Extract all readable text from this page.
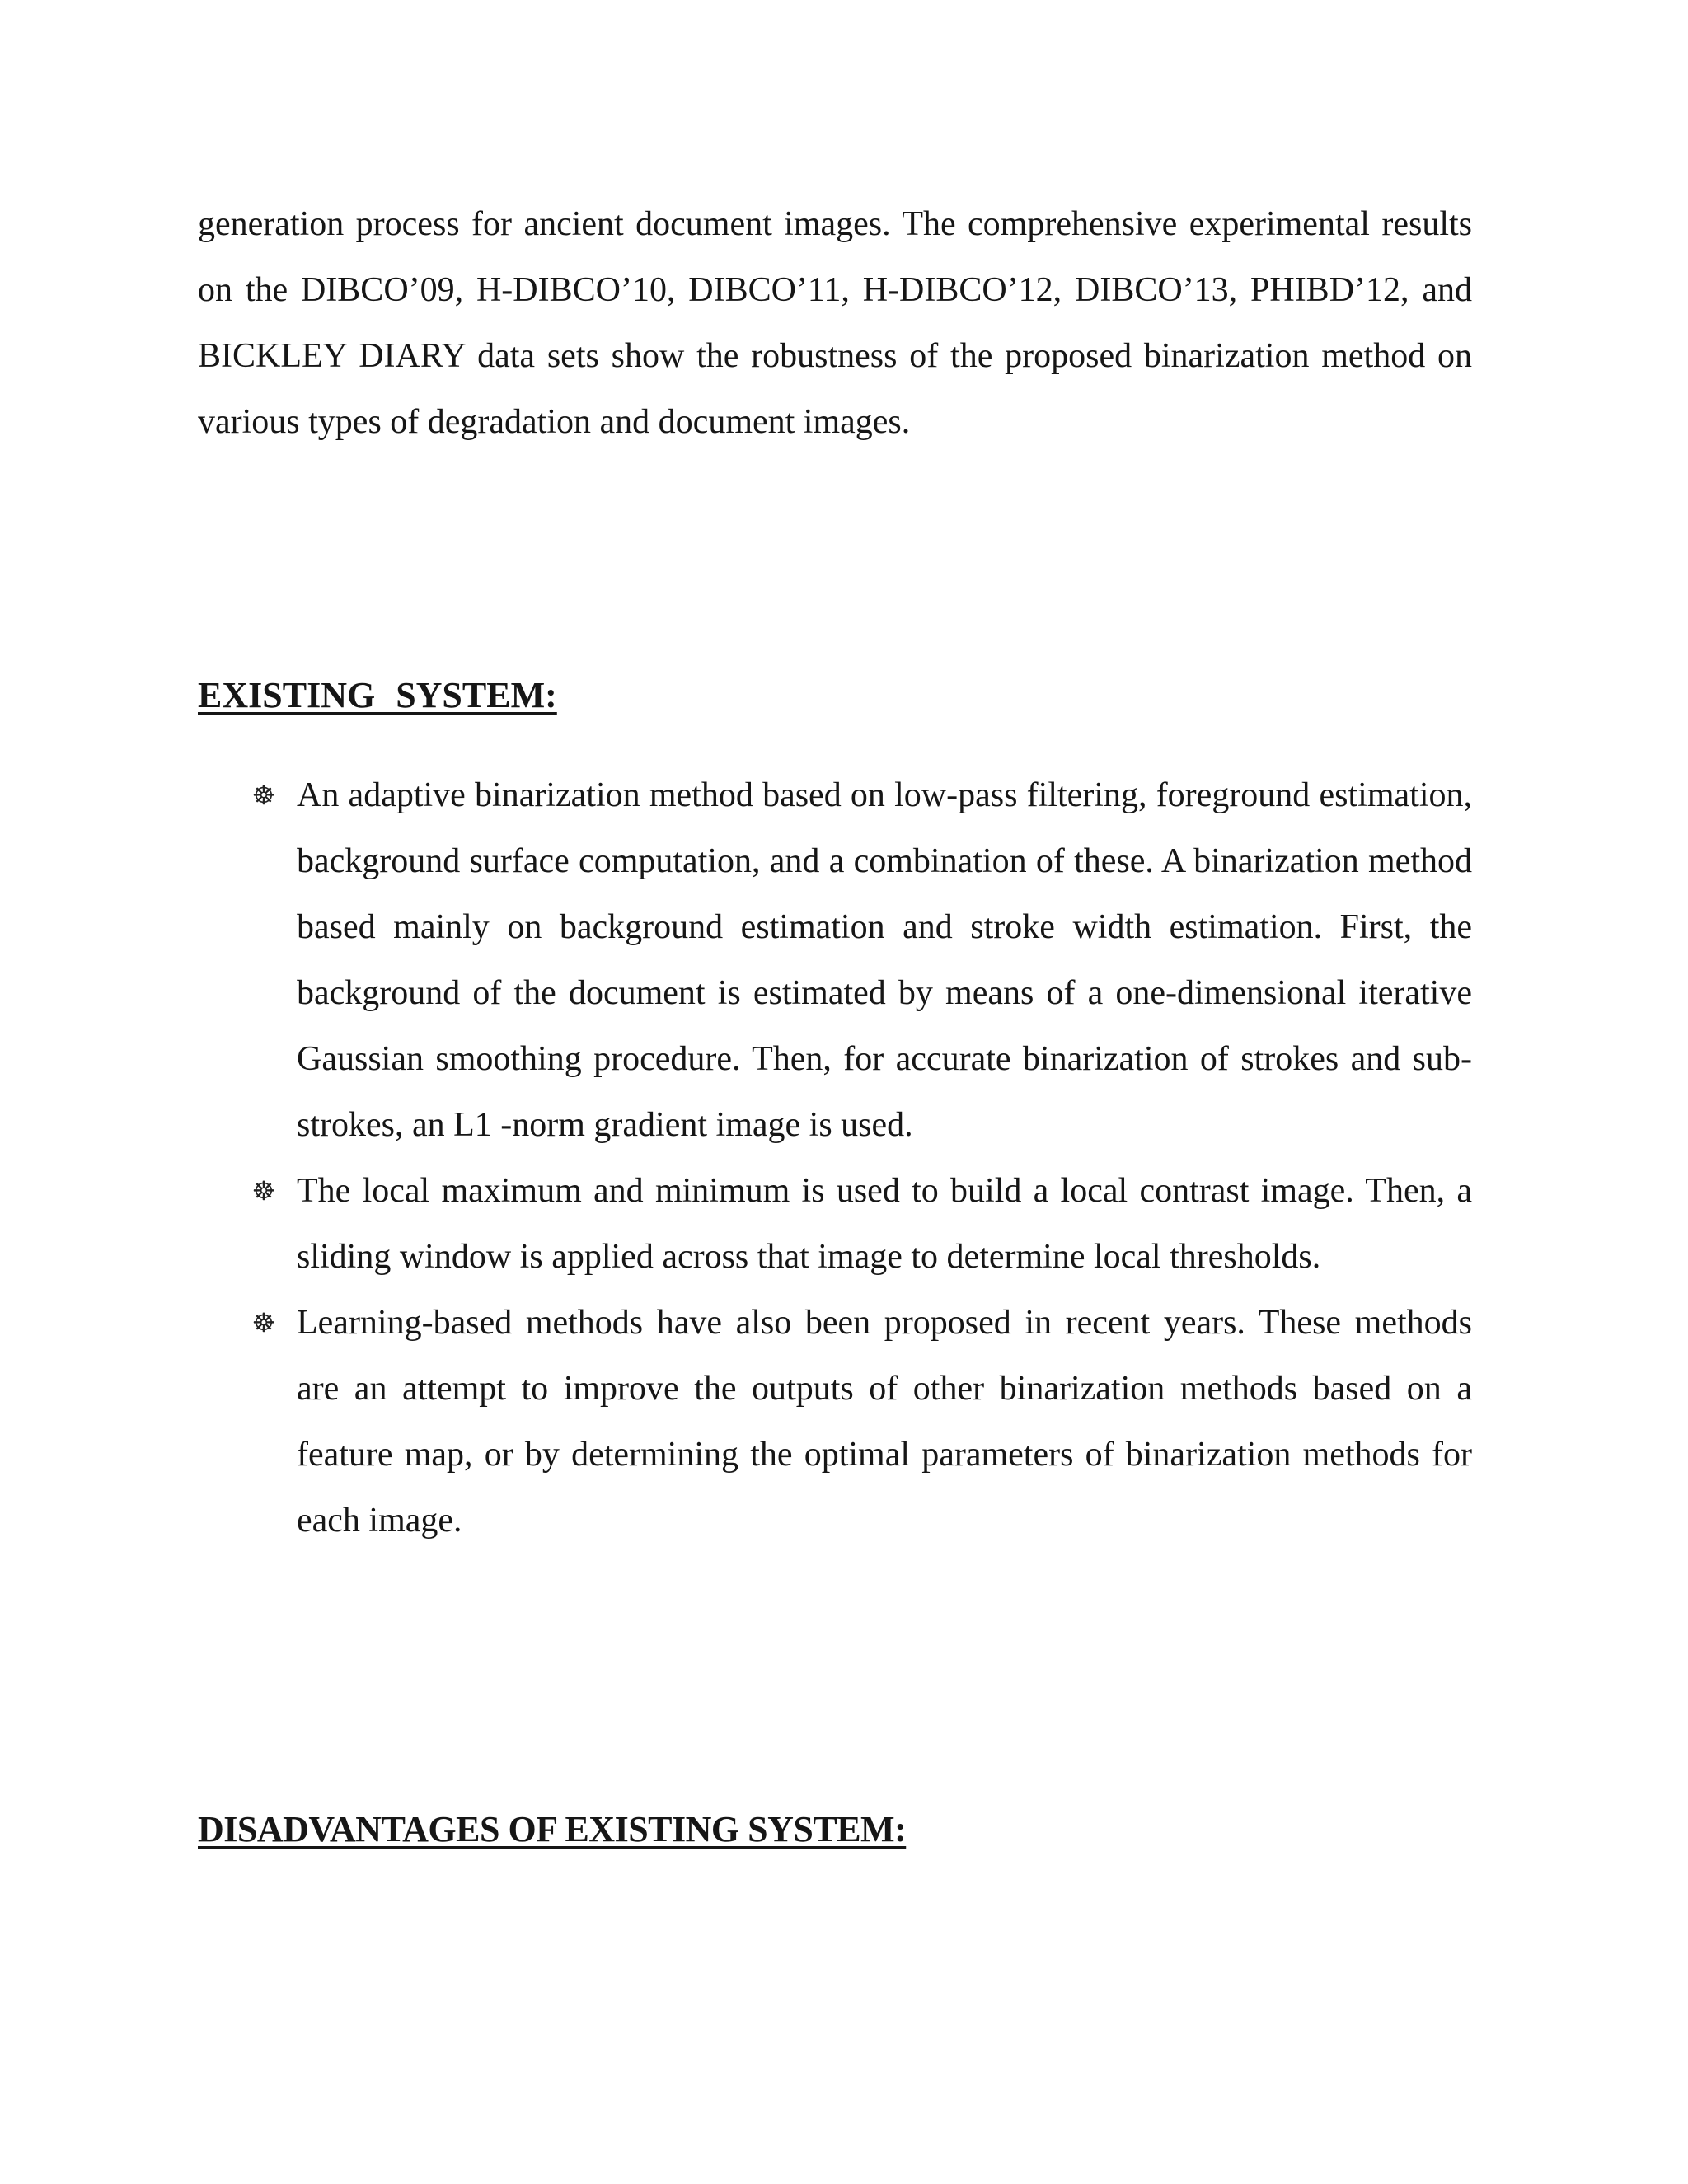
generation process for ancient document images. The comprehensive experimental results on the DIBCO’09, H-DIBCO’10, DIBCO’11, H-DIBCO’12, DIBCO’13, PHIBD’12, and BICKLEY DIARY data sets show the robustness of the proposed binarization method on various types of degradation and document images.

EXISTING SYSTEM:
☸ An adaptive binarization method based on low-pass filtering, foreground estimation, background surface computation, and a combination of these. A binarization method based mainly on background estimation and stroke width estimation. First, the background of the document is estimated by means of a one-dimensional iterative Gaussian smoothing procedure. Then, for accurate binarization of strokes and sub-strokes, an L1 -norm gradient image is used.
☸ The local maximum and minimum is used to build a local contrast image. Then, a sliding window is applied across that image to determine local thresholds.
☸ Learning-based methods have also been proposed in recent years. These methods are an attempt to improve the outputs of other binarization methods based on a feature map, or by determining the optimal parameters of binarization methods for each image.
DISADVANTAGES OF EXISTING SYSTEM:
